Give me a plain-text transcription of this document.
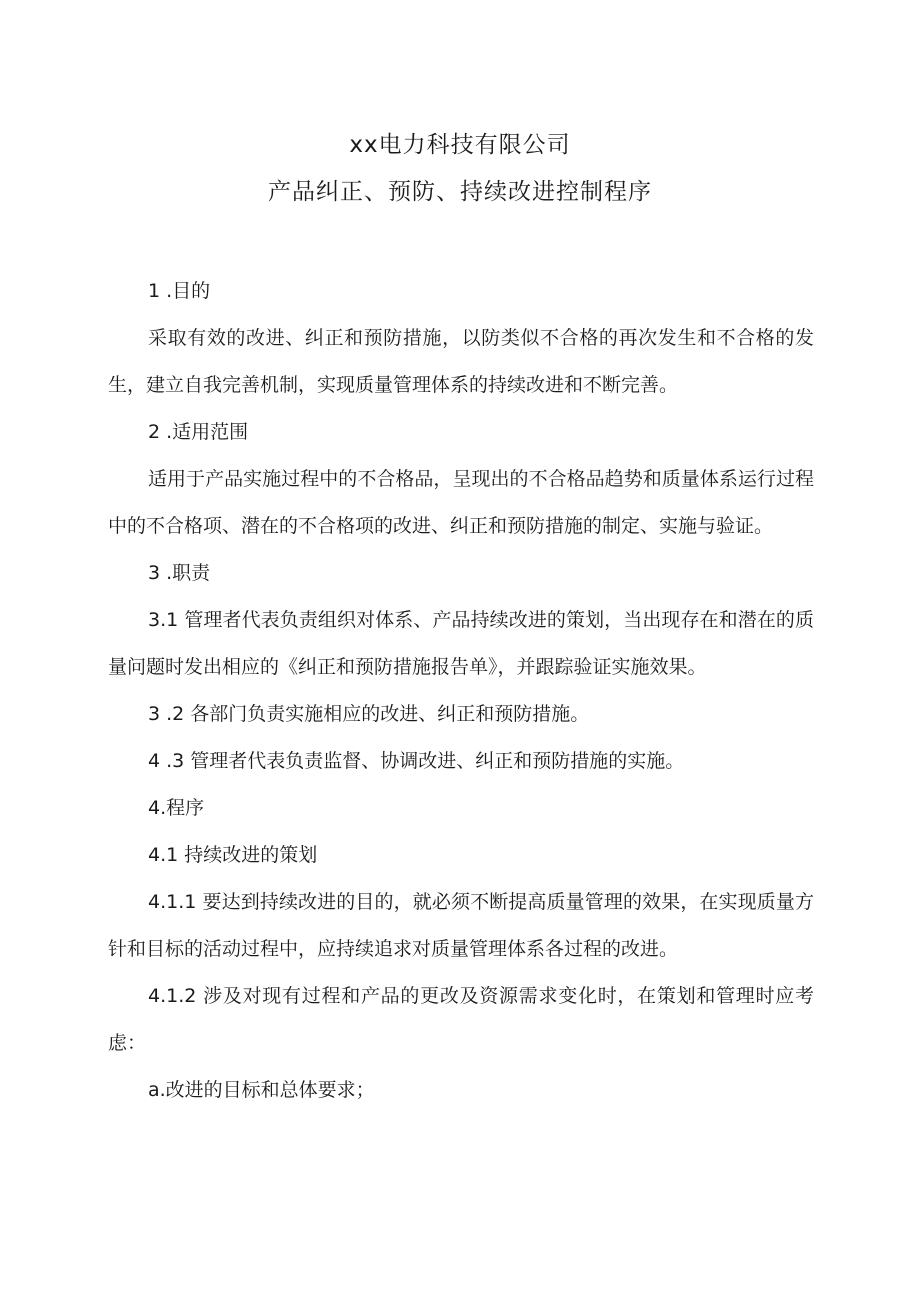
xx电力科技有限公司
产品纠正、预防、持续改进控制程序

1 .目的

采取有效的改进、纠正和预防措施，以防类似不合格的再次发生和不合格的发生，建立自我完善机制，实现质量管理体系的持续改进和不断完善。

2 .适用范围

适用于产品实施过程中的不合格品，呈现出的不合格品趋势和质量体系运行过程中的不合格项、潜在的不合格项的改进、纠正和预防措施的制定、实施与验证。

3 .职责

3.1 管理者代表负责组织对体系、产品持续改进的策划，当出现存在和潜在的质量问题时发出相应的《纠正和预防措施报告单》，并跟踪验证实施效果。

3 .2 各部门负责实施相应的改进、纠正和预防措施。

4 .3 管理者代表负责监督、协调改进、纠正和预防措施的实施。

4.程序

4.1 持续改进的策划

4.1.1 要达到持续改进的目的，就必须不断提高质量管理的效果，在实现质量方针和目标的活动过程中，应持续追求对质量管理体系各过程的改进。

4.1.2 涉及对现有过程和产品的更改及资源需求变化时，在策划和管理时应考虑：

a.改进的目标和总体要求；
